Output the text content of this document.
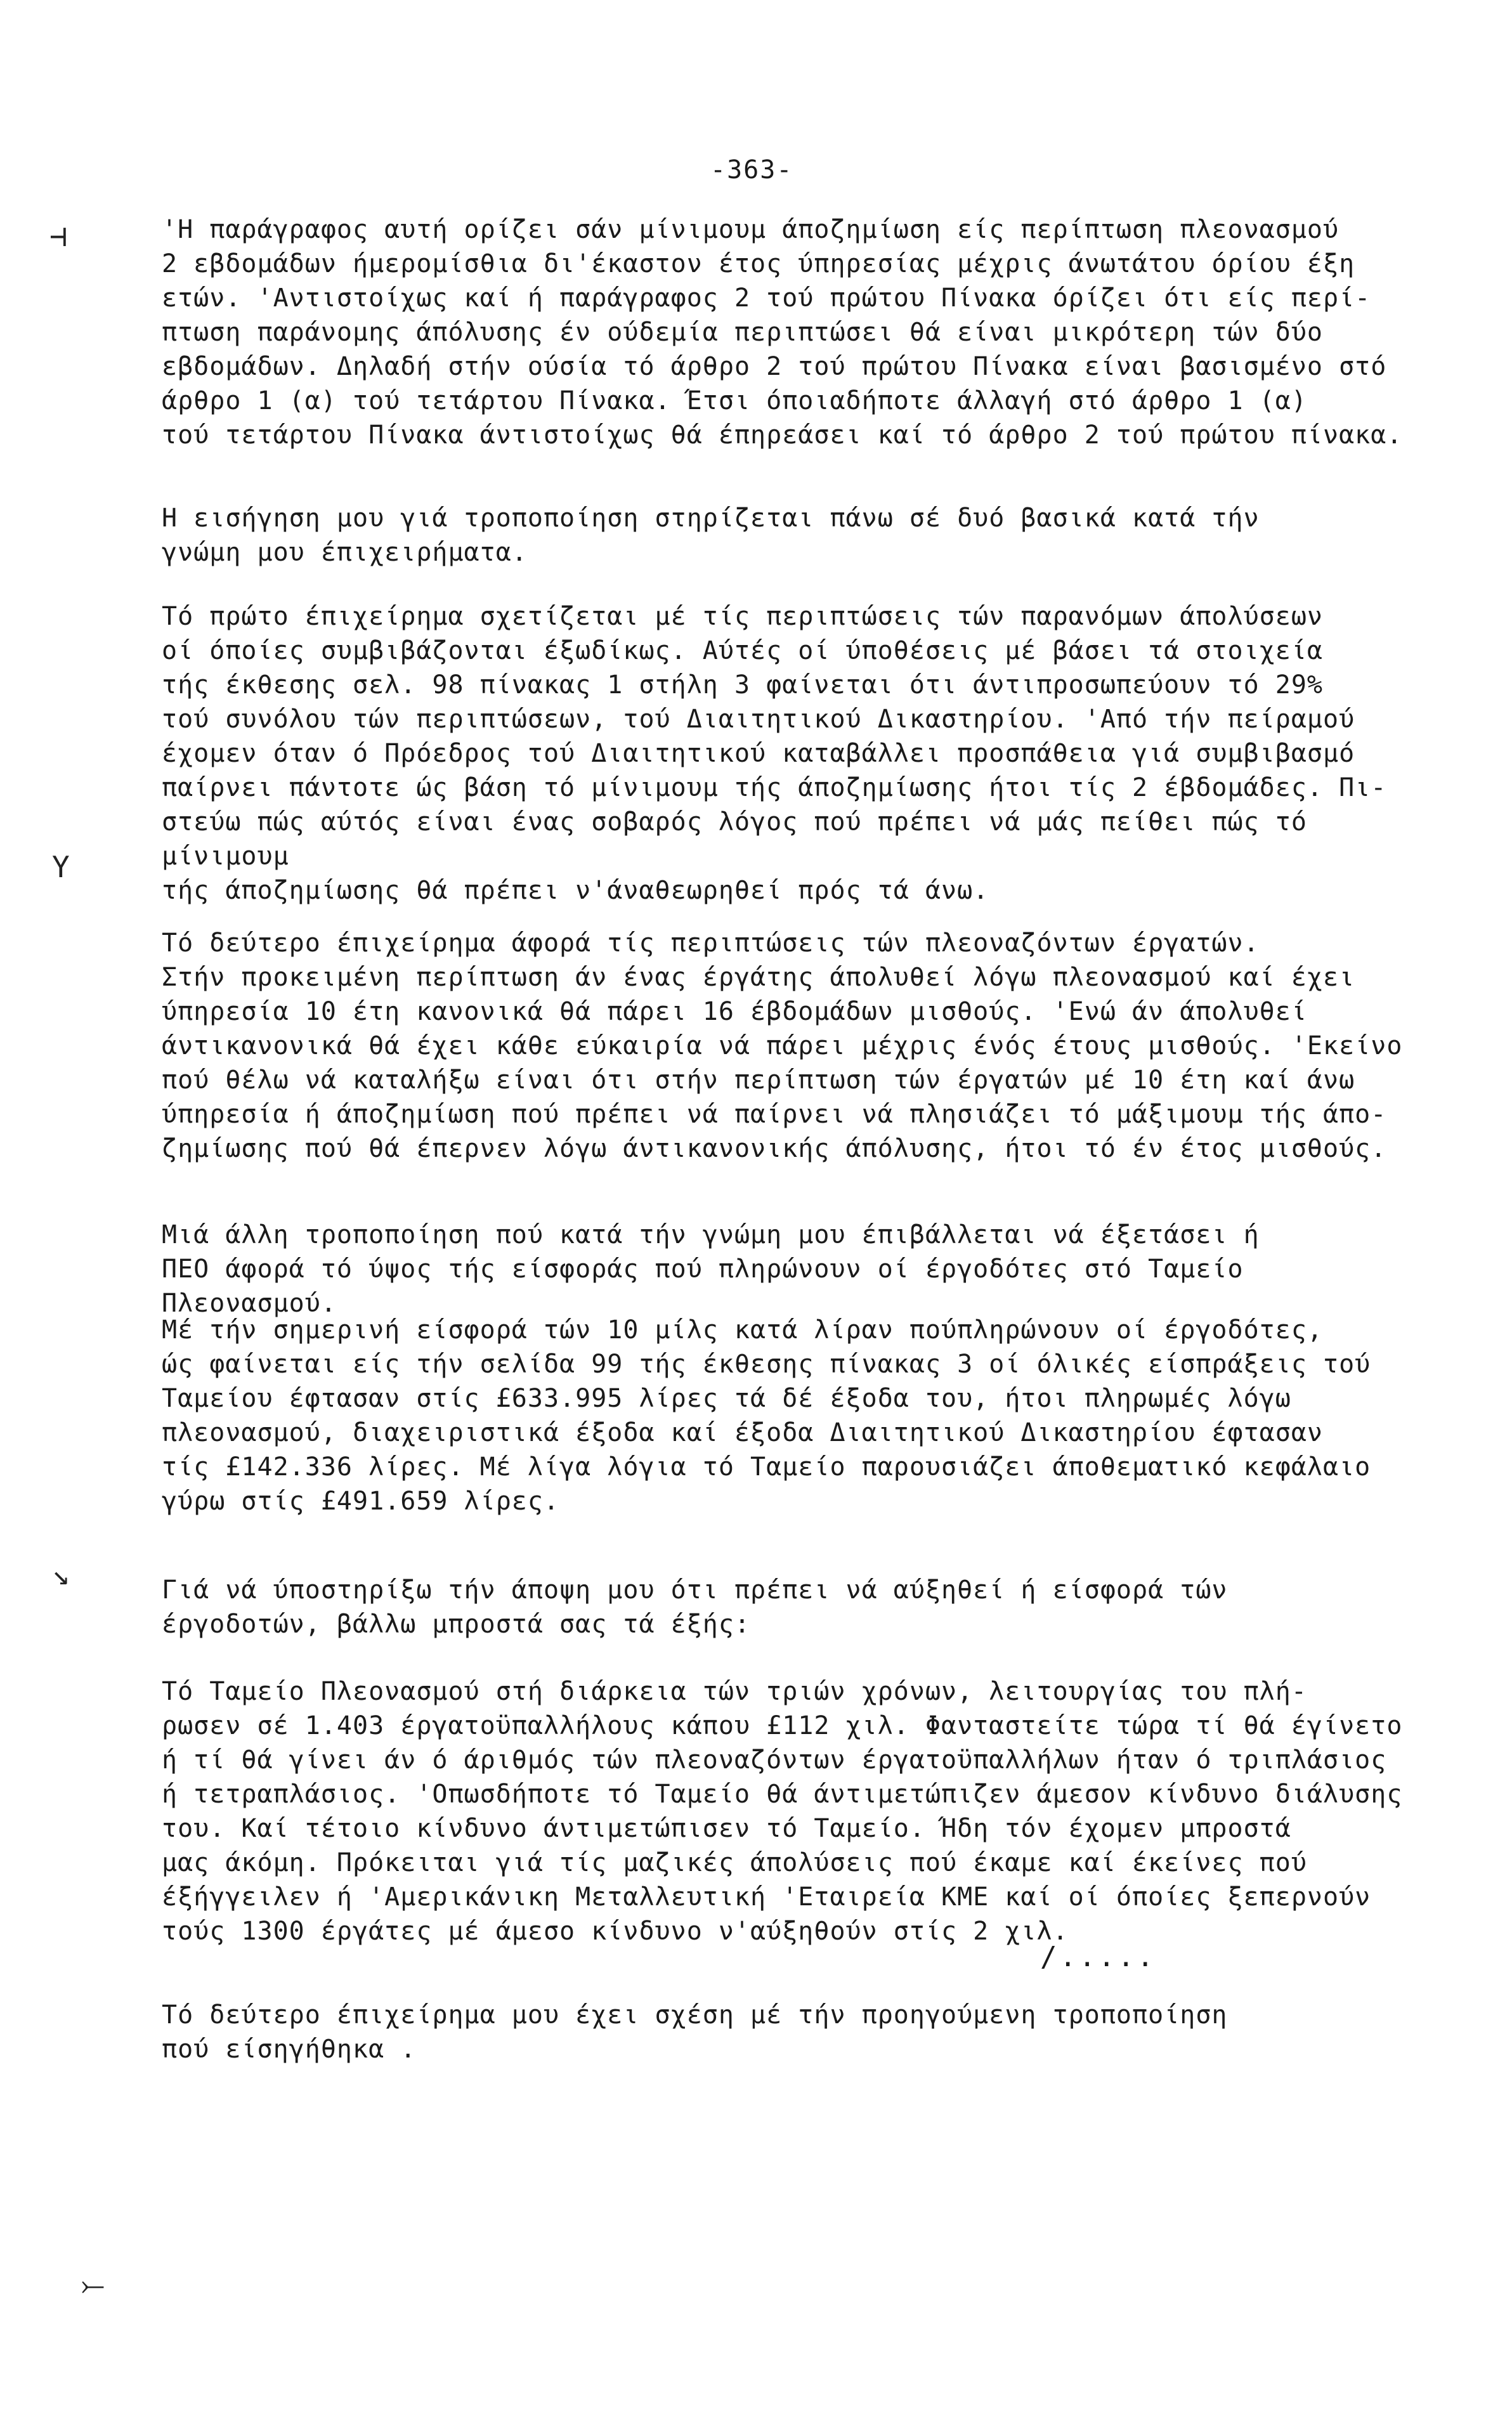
-363-
⊣
Y
↘
⤚
'Η παράγραφος αυτή ορίζει σάν μίνιμουμ άποζημίωση είς περίπτωση πλεονασμού
2 εβδομάδων ήμερομίσθια δι'έκαστον έτος ύπηρεσίας μέχρις άνωτάτου όρίου έξη
ετών. 'Αντιστοίχως καί ή παράγραφος 2 τού πρώτου Πίνακα όρίζει ότι είς περί-
πτωση παράνομης άπόλυσης έν ούδεμία περιπτώσει θά είναι μικρότερη τών δύο
εβδομάδων. Δηλαδή στήν ούσία τό άρθρο 2 τού πρώτου Πίνακα είναι βασισμένο στό
άρθρο 1 (α) τού τετάρτου Πίνακα. Έτσι όποιαδήποτε άλλαγή στό άρθρο 1 (α)
τού τετάρτου Πίνακα άντιστοίχως θά έπηρεάσει καί τό άρθρο 2 τού πρώτου πίνακα.
Η εισήγηση μου γιά τροποποίηση στηρίζεται πάνω σέ δυό βασικά κατά τήν
γνώμη μου έπιχειρήματα.
Τό πρώτο έπιχείρημα σχετίζεται μέ τίς περιπτώσεις τών παρανόμων άπολύσεων
οί όποίες συμβιβάζονται έξωδίκως. Αύτές οί ύποθέσεις μέ βάσει τά στοιχεία
τής έκθεσης σελ. 98 πίνακας 1 στήλη 3 φαίνεται ότι άντιπροσωπεύουν τό 29%
τού συνόλου τών περιπτώσεων, τού Διαιτητικού Δικαστηρίου. 'Από τήν πείραμού
έχομεν όταν ό Πρόεδρος τού Διαιτητικού καταβάλλει προσπάθεια γιά συμβιβασμό
παίρνει πάντοτε ώς βάση τό μίνιμουμ τής άποζημίωσης ήτοι τίς 2 έβδομάδες. Πι-
στεύω πώς αύτός είναι ένας σοβαρός λόγος πού πρέπει νά μάς πείθει πώς τό μίνιμουμ
τής άποζημίωσης θά πρέπει ν'άναθεωρηθεί πρός τά άνω.
Τό δεύτερο έπιχείρημα άφορά τίς περιπτώσεις τών πλεοναζόντων έργατών.
Στήν προκειμένη περίπτωση άν ένας έργάτης άπολυθεί λόγω πλεονασμού καί έχει
ύπηρεσία 10 έτη κανονικά θά πάρει 16 έβδομάδων μισθούς. 'Ενώ άν άπολυθεί
άντικανονικά θά έχει κάθε εύκαιρία νά πάρει μέχρις ένός έτους μισθούς. 'Εκείνο
πού θέλω νά καταλήξω είναι ότι στήν περίπτωση τών έργατών μέ 10 έτη καί άνω
ύπηρεσία ή άποζημίωση πού πρέπει νά παίρνει νά πλησιάζει τό μάξιμουμ τής άπο-
ζημίωσης πού θά έπερνεν λόγω άντικανονικής άπόλυσης, ήτοι τό έν έτος μισθούς.
Μιά άλλη τροποποίηση πού κατά τήν γνώμη μου έπιβάλλεται νά έξετάσει ή
ΠΕΟ άφορά τό ύψος τής είσφοράς πού πληρώνουν οί έργοδότες στό Ταμείο Πλεονασμού.
Μέ τήν σημερινή είσφορά τών 10 μίλς κατά λίραν πούπληρώνουν οί έργοδότες,
ώς φαίνεται είς τήν σελίδα 99 τής έκθεσης πίνακας 3 οί όλικές είσπράξεις τού
Ταμείου έφτασαν στίς £633.995 λίρες τά δέ έξοδα του, ήτοι πληρωμές λόγω
πλεονασμού, διαχειριστικά έξοδα καί έξοδα Διαιτητικού Δικαστηρίου έφτασαν
τίς £142.336 λίρες. Μέ λίγα λόγια τό Ταμείο παρουσιάζει άποθεματικό κεφάλαιο
γύρω στίς £491.659 λίρες.
Γιά νά ύποστηρίξω τήν άποψη μου ότι πρέπει νά αύξηθεί ή είσφορά τών
έργοδοτών, βάλλω μπροστά σας τά έξής:
Τό Ταμείο Πλεονασμού στή διάρκεια τών τριών χρόνων, λειτουργίας του πλή-
ρωσεν σέ 1.403 έργατοϋπαλλήλους κάπου £112 χιλ. Φανταστείτε τώρα τί θά έγίνετο
ή τί θά γίνει άν ό άριθμός τών πλεοναζόντων έργατοϋπαλλήλων ήταν ό τριπλάσιος
ή τετραπλάσιος. 'Οπωσδήποτε τό Ταμείο θά άντιμετώπιζεν άμεσον κίνδυνο διάλυσης
του. Καί τέτοιο κίνδυνο άντιμετώπισεν τό Ταμείο. Ήδη τόν έχομεν μπροστά
μας άκόμη. Πρόκειται γιά τίς μαζικές άπολύσεις πού έκαμε καί έκείνες πού
έξήγγειλεν ή 'Αμερικάνικη Μεταλλευτική 'Εταιρεία ΚΜΕ καί οί όποίες ξεπερνούν
τούς 1300 έργάτες μέ άμεσο κίνδυνο ν'αύξηθούν στίς 2 χιλ.
Τό δεύτερο έπιχείρημα μου έχει σχέση μέ τήν προηγούμενη τροποποίηση
πού είσηγήθηκα .
/.....
